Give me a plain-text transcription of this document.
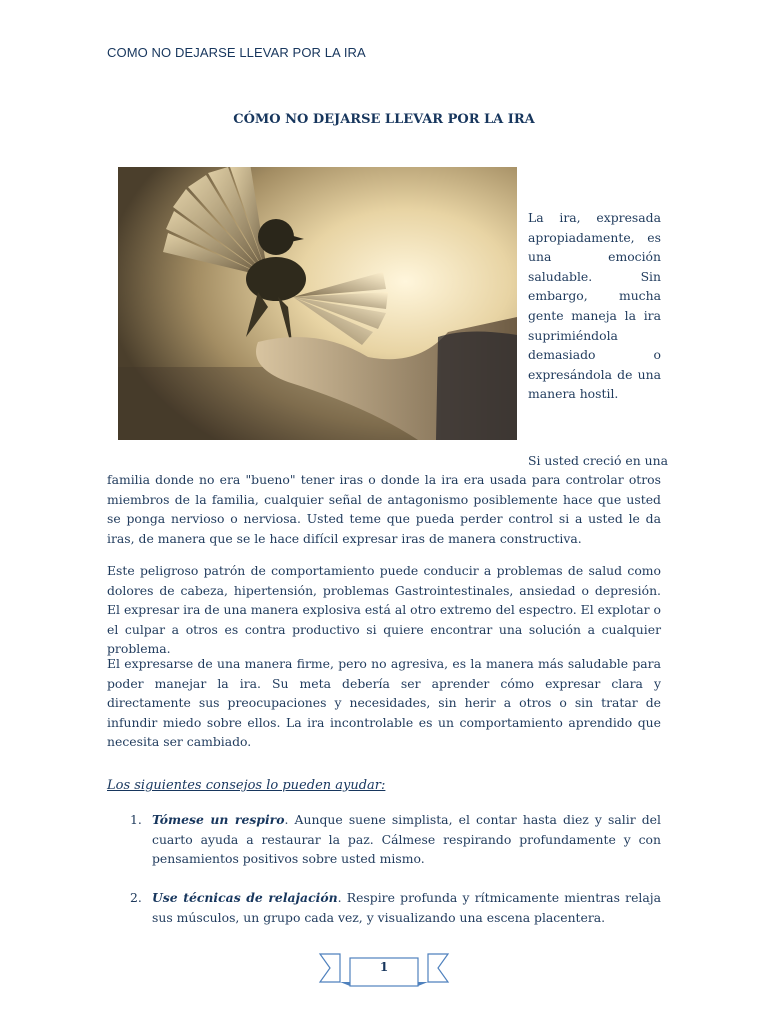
COMO NO DEJARSE LLEVAR POR LA IRA
CÓMO NO DEJARSE LLEVAR POR LA IRA
La ira, expresada apropiadamente, es una emoción saludable. Sin embargo, mucha gente maneja la ira suprimiéndola demasiado o expresándola de una manera hostil.
Si usted creció en una

familia donde no era "bueno" tener iras o donde la ira era usada para controlar otros miembros de la familia, cualquier señal de antagonismo posiblemente hace que usted se ponga nervioso o nerviosa. Usted teme que pueda perder control si a usted le da iras, de manera que se le hace difícil expresar iras de manera constructiva.

Este peligroso patrón de comportamiento puede conducir a problemas de salud como dolores de cabeza, hipertensión, problemas Gastrointestinales, ansiedad o depresión. El expresar ira de una manera explosiva está al otro extremo del espectro. El explotar o el culpar a otros es contra productivo si quiere encontrar una solución a cualquier problema.

El expresarse de una manera firme, pero no agresiva, es la manera más saludable para poder manejar la ira. Su meta debería ser aprender cómo expresar clara y directamente sus preocupaciones y necesidades, sin herir a otros o sin tratar de infundir miedo sobre ellos. La ira incontrolable es un comportamiento aprendido que necesita ser cambiado.

Los siguientes consejos lo pueden ayudar:
1. Tómese un respiro. Aunque suene simplista, el contar hasta diez y salir del cuarto ayuda a restaurar la paz. Cálmese respirando profundamente y con pensamientos positivos sobre usted mismo.
2. Use técnicas de relajación. Respire profunda y rítmicamente mientras relaja sus músculos, un grupo cada vez, y visualizando una escena placentera.
1
